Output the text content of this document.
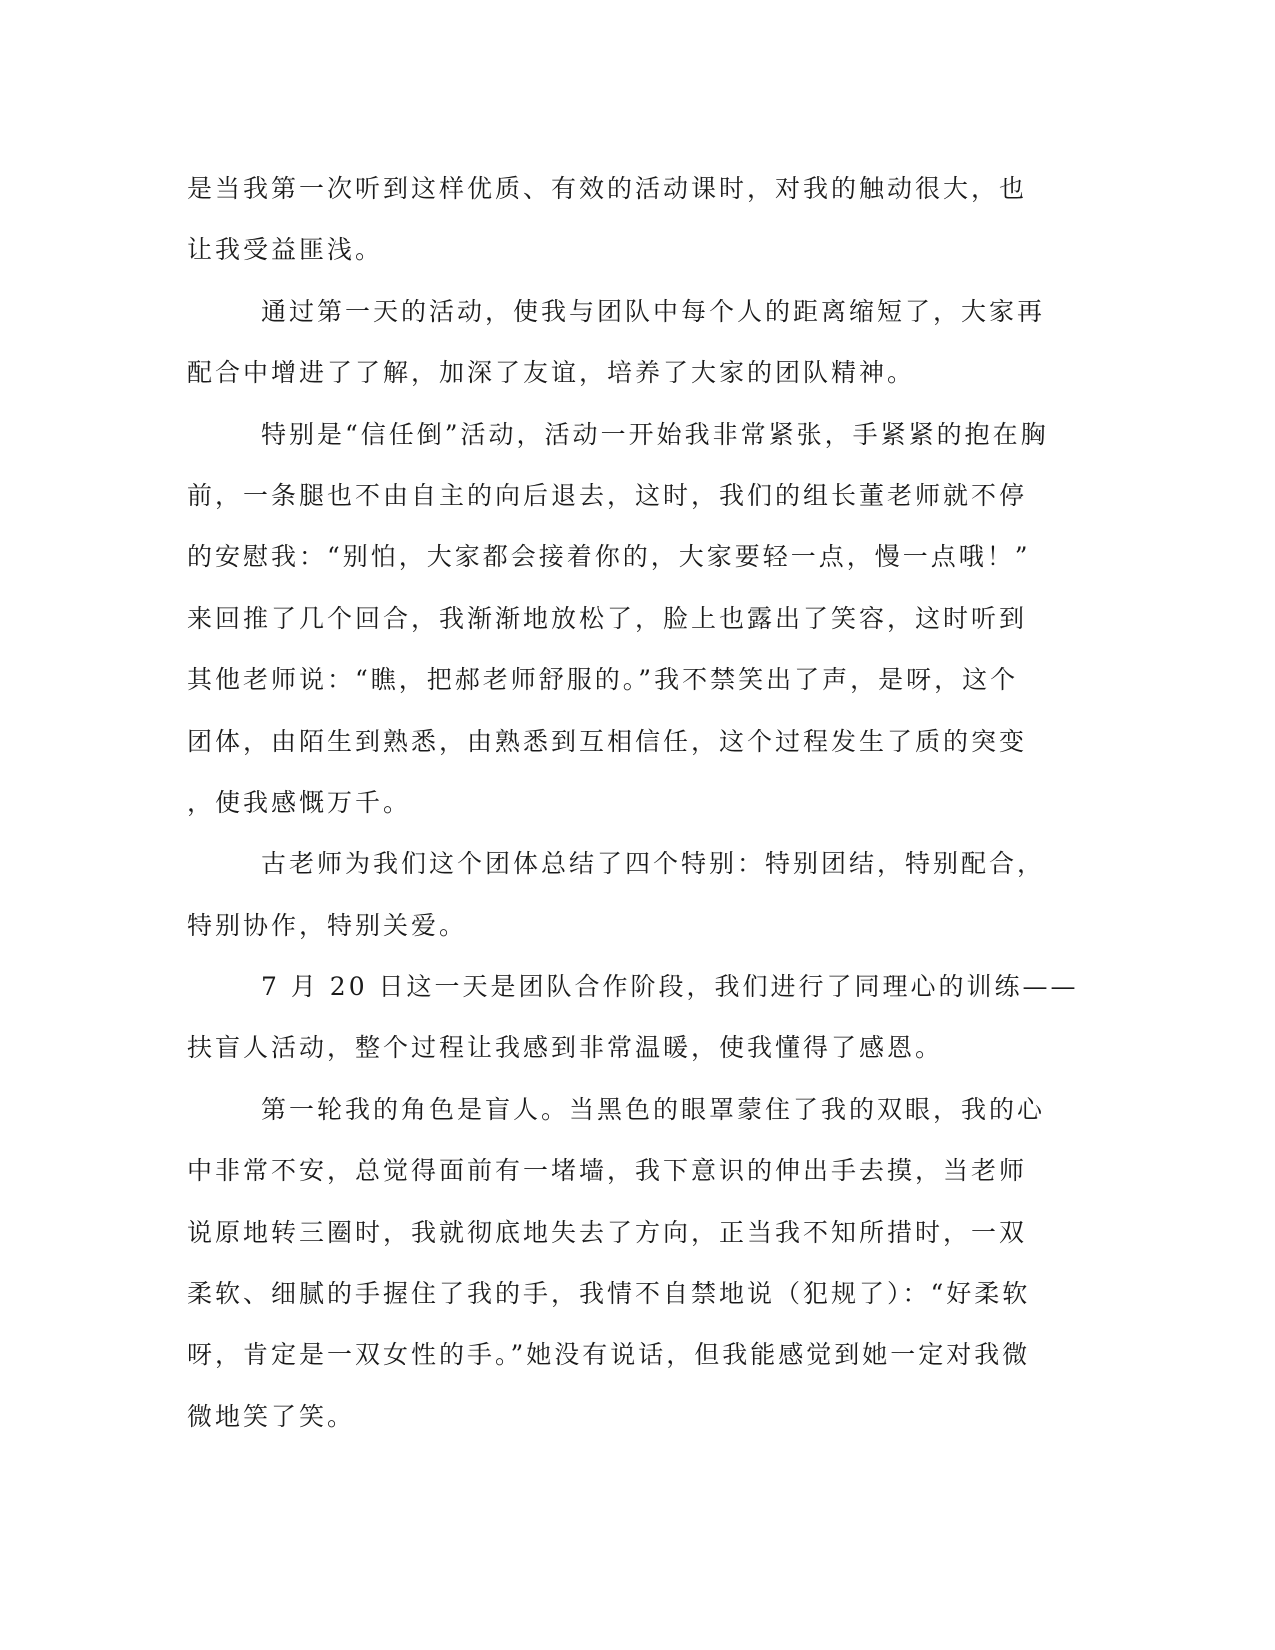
是当我第一次听到这样优质、有效的活动课时，对我的触动很大，也
让我受益匪浅。
通过第一天的活动，使我与团队中每个人的距离缩短了，大家再
配合中增进了了解，加深了友谊，培养了大家的团队精神。
特别是“信任倒”活动，活动一开始我非常紧张，手紧紧的抱在胸
前，一条腿也不由自主的向后退去，这时，我们的组长董老师就不停
的安慰我：“别怕，大家都会接着你的，大家要轻一点，慢一点哦！”
来回推了几个回合，我渐渐地放松了，脸上也露出了笑容，这时听到
其他老师说：“瞧，把郝老师舒服的。”我不禁笑出了声，是呀，这个
团体，由陌生到熟悉，由熟悉到互相信任，这个过程发生了质的突变
，使我感慨万千。
古老师为我们这个团体总结了四个特别：特别团结，特别配合，
特别协作，特别关爱。
7 月 20 日这一天是团队合作阶段，我们进行了同理心的训练——
扶盲人活动，整个过程让我感到非常温暖，使我懂得了感恩。
第一轮我的角色是盲人。当黑色的眼罩蒙住了我的双眼，我的心
中非常不安，总觉得面前有一堵墙，我下意识的伸出手去摸，当老师
说原地转三圈时，我就彻底地失去了方向，正当我不知所措时，一双
柔软、细腻的手握住了我的手，我情不自禁地说（犯规了）：“好柔软
呀，肯定是一双女性的手。”她没有说话，但我能感觉到她一定对我微
微地笑了笑。
